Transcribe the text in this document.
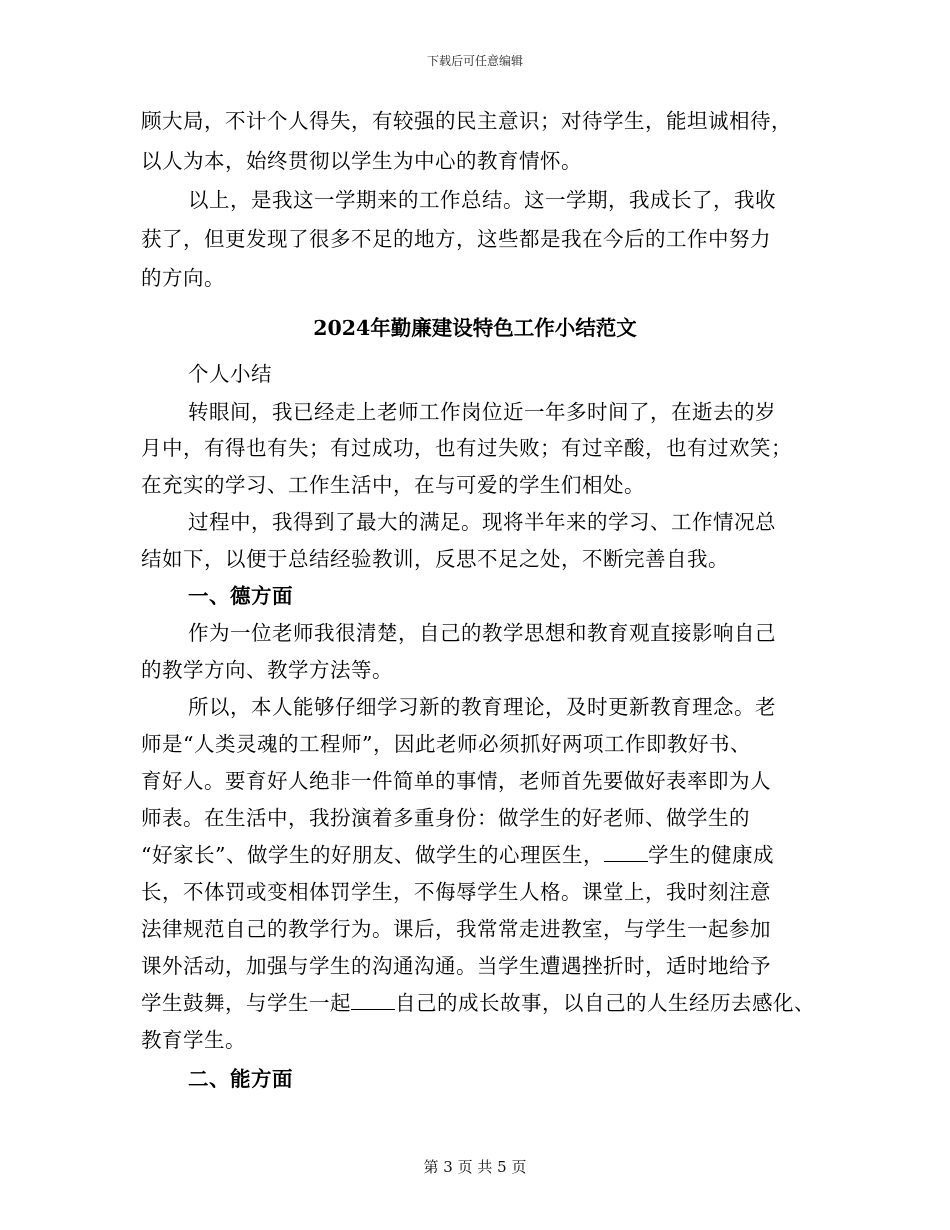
下载后可任意编辑
顾大局，不计个人得失，有较强的民主意识；对待学生，能坦诚相待，
以人为本，始终贯彻以学生为中心的教育情怀。
以上，是我这一学期来的工作总结。这一学期，我成长了，我收
获了，但更发现了很多不足的地方，这些都是我在今后的工作中努力
的方向。
2024年勤廉建设特色工作小结范文
个人小结
转眼间，我已经走上老师工作岗位近一年多时间了，在逝去的岁
月中，有得也有失；有过成功，也有过失败；有过辛酸，也有过欢笑；
在充实的学习、工作生活中，在与可爱的学生们相处。
过程中，我得到了最大的满足。现将半年来的学习、工作情况总
结如下，以便于总结经验教训，反思不足之处，不断完善自我。
一、德方面
作为一位老师我很清楚，自己的教学思想和教育观直接影响自己
的教学方向、教学方法等。
所以，本人能够仔细学习新的教育理论，及时更新教育理念。老
师是“人类灵魂的工程师”，因此老师必须抓好两项工作即教好书、
育好人。要育好人绝非一件简单的事情，老师首先要做好表率即为人
师表。在生活中，我扮演着多重身份：做学生的好老师、做学生的
“好家长”、做学生的好朋友、做学生的心理医生， 学生的健康成
长，不体罚或变相体罚学生，不侮辱学生人格。课堂上，我时刻注意
法律规范自己的教学行为。课后，我常常走进教室，与学生一起参加
课外活动，加强与学生的沟通沟通。当学生遭遇挫折时，适时地给予
学生鼓舞，与学生一起 自己的成长故事，以自己的人生经历去感化、
教育学生。
二、能方面
第 3 页 共 5 页
